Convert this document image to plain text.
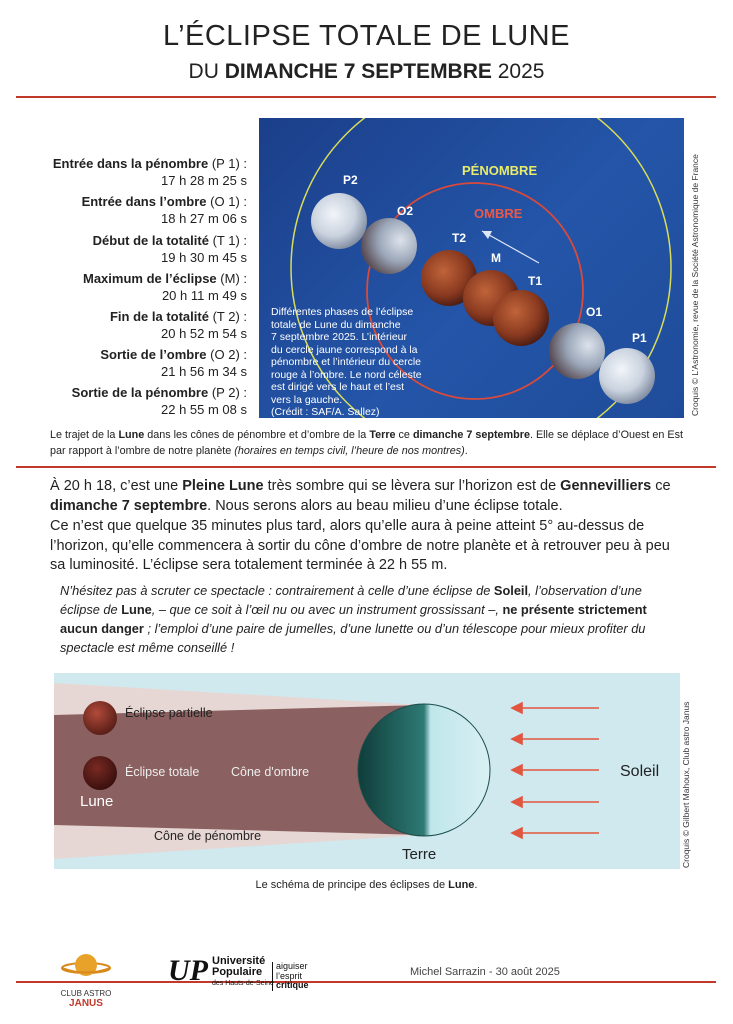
L’ÉCLIPSE TOTALE DE LUNE
DU DIMANCHE 7 SEPTEMBRE 2025
Entrée dans la pénombre (P 1) :
17 h 28 m 25 s
Entrée dans l’ombre (O 1) :
18 h 27 m 06 s
Début de la totalité (T 1) :
19 h 30 m 45 s
Maximum de l’éclipse (M) :
20 h 11 m 49 s
Fin de la totalité (T 2) :
20 h 52 m 54 s
Sortie de l’ombre (O 2) :
21 h 56 m 34 s
Sortie de la pénombre (P 2) :
22 h 55 m 08 s
PÉNOMBRE
OMBRE
P2
O2
T2
M
T1
O1
P1
Différentes phases de l’éclipse
totale de Lune du dimanche
7 septembre 2025. L’intérieur
du cercle jaune correspond à la
pénombre et l’intérieur du cercle
rouge à l’ombre. Le nord céleste
est dirigé vers le haut et l’est
vers la gauche.
(Crédit : SAF/A. Sallez)	Croquis © L’Astronomie, revue de la Société Astronomique de France
Le trajet de la Lune dans les cônes de pénombre et d’ombre de la Terre ce dimanche 7 septembre. Elle se déplace d’Ouest en Est par rapport à l’ombre de notre planète (horaires en temps civil, l’heure de nos montres).
À 20 h 18, c’est une Pleine Lune très sombre qui se lèvera sur l’horizon est de Gennevilliers ce dimanche 7 septembre. Nous serons alors au beau milieu d’une éclipse totale.
Ce n’est que quelque 35 minutes plus tard, alors qu’elle aura à peine atteint 5° au-dessus de l’horizon, qu’elle commencera à sortir du cône d’ombre de notre planète et à retrouver peu à peu sa luminosité. L’éclipse sera totalement terminée à 22 h 55 m.
N’hésitez pas à scruter ce spectacle : contrairement à celle d’une éclipse de Soleil, l’observation d’une éclipse de Lune, – que ce soit à l’œil nu ou avec un instrument grossissant –, ne présente strictement aucun danger ; l’emploi d’une paire de jumelles, d’une lunette ou d’un télescope pour mieux profiter du spectacle est même conseillé !
Éclipse partielle
Éclipse totale	Cône d'ombre
Lune
Cône de pénombre
Terre
Soleil	Croquis © Gilbert Mahoux, Club astro Janus
Le schéma de principe des éclipses de Lune.
CLUB ASTRO
JANUS
UP Université
Populaire
des Hauts-de-Seine
aiguiser
l’esprit
critique
Michel Sarrazin - 30 août 2025
